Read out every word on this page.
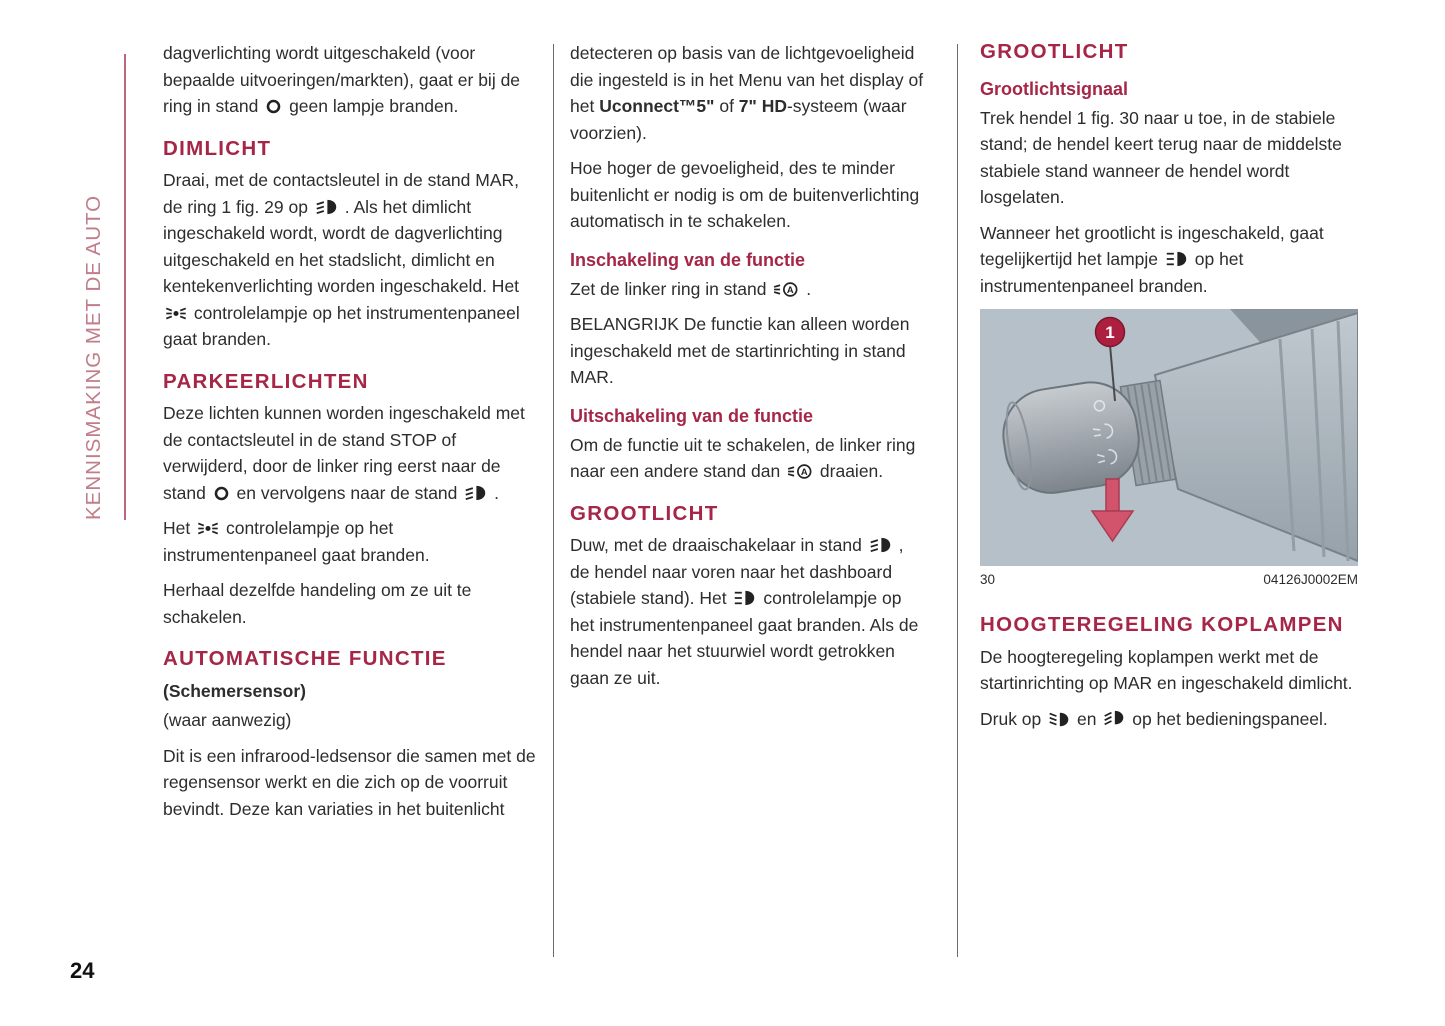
KENNISMAKING MET DE AUTO

dagverlichting wordt uitgeschakeld (voor bepaalde uitvoeringen/markten), gaat er bij de ring in stand  geen lampje branden.

DIMLICHT

Draai, met de contactsleutel in de stand MAR, de ring 1 fig. 29 op  . Als het dimlicht ingeschakeld wordt, wordt de dagverlichting uitgeschakeld en het stadslicht, dimlicht en kentekenverlichting worden ingeschakeld. Het  controlelampje op het instrumentenpaneel gaat branden.

PARKEERLICHTEN

Deze lichten kunnen worden ingeschakeld met de contactsleutel in de stand STOP of verwijderd, door de linker ring eerst naar de stand  en vervolgens naar de stand  .

Het  controlelampje op het instrumentenpaneel gaat branden.

Herhaal dezelfde handeling om ze uit te schakelen.

AUTOMATISCHE FUNCTIE

(Schemersensor)

(waar aanwezig)

Dit is een infrarood-ledsensor die samen met de regensensor werkt en die zich op de voorruit bevindt. Deze kan variaties in het buitenlicht

detecteren op basis van de lichtgevoeligheid die ingesteld is in het Menu van het display of het Uconnect™5" of 7" HD-systeem (waar voorzien).

Hoe hoger de gevoeligheid, des te minder buitenlicht er nodig is om de buitenverlichting automatisch in te schakelen.

Inschakeling van de functie

Zet de linker ring in stand A .

BELANGRIJK De functie kan alleen worden ingeschakeld met de startinrichting in stand MAR.

Uitschakeling van de functie

Om de functie uit te schakelen, de linker ring naar een andere stand dan A draaien.

GROOTLICHT

Duw, met de draaischakelaar in stand  , de hendel naar voren naar het dashboard (stabiele stand). Het  controlelampje op het instrumentenpaneel gaat branden. Als de hendel naar het stuurwiel wordt getrokken gaan ze uit.

GROOTLICHT
Grootlichtsignaal

Trek hendel 1 fig. 30 naar u toe, in de stabiele stand; de hendel keert terug naar de middelste stabiele stand wanneer de hendel wordt losgelaten.

Wanneer het grootlicht is ingeschakeld, gaat tegelijkertijd het lampje  op het instrumentenpaneel branden.

1
30	04126J0002EM
HOOGTEREGELING KOPLAMPEN

De hoogteregeling koplampen werkt met de startinrichting op MAR en ingeschakeld dimlicht.

Druk op  en  op het bedieningspaneel.

24
